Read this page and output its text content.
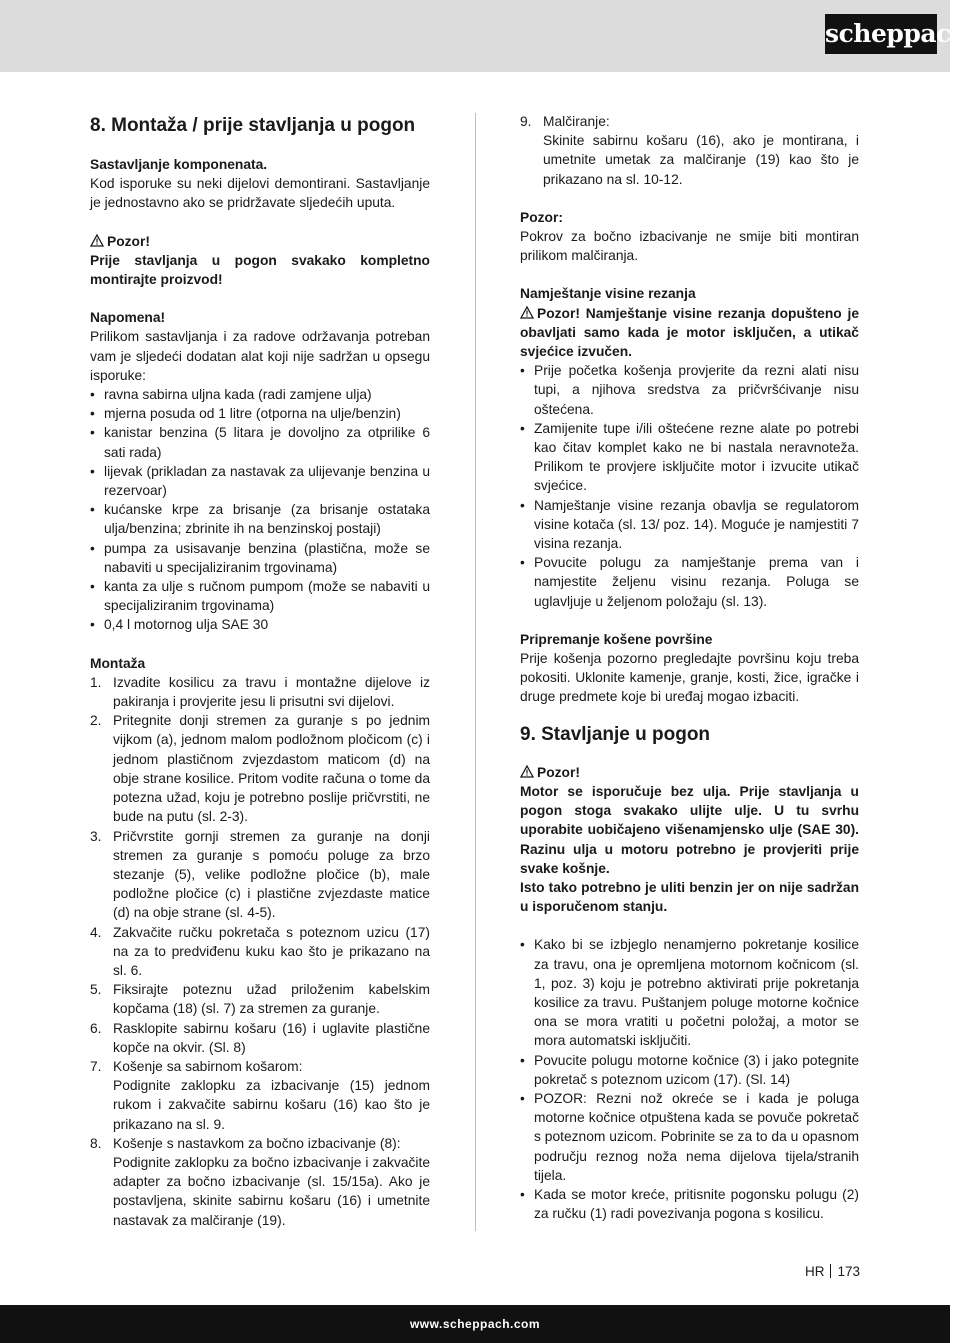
scheppach
8. Montaža / prije stavljanja u pogon

Sastavljanje komponenata.

Kod isporuke su neki dijelovi demontirani. Sastavljanje je jednostavno ako se pridržavate sljedećih uputa.

Pozor!

Prije stavljanja u pogon svakako kompletno montirajte proizvod!

Napomena!

Prilikom sastavljanja i za radove održavanja potreban vam je sljedeći dodatan alat koji nije sadržan u opsegu isporuke:

• ravna sabirna uljna kada (radi zamjene ulja)
• mjerna posuda od 1 litre (otporna na ulje/benzin)
• kanistar benzina (5 litara je dovoljno za otprilike 6 sati rada)
• lijevak (prikladan za nastavak za ulijevanje benzina u rezervoar)
• kućanske krpe za brisanje (za brisanje ostataka ulja/benzina; zbrinite ih na benzinskoj postaji)
• pumpa za usisavanje benzina (plastična, može se nabaviti u specijaliziranim trgovinama)
• kanta za ulje s ručnom pumpom (može se nabaviti u specijaliziranim trgovinama)
• 0,4 l motornog ulja SAE 30

Montaža

1. Izvadite kosilicu za travu i montažne dijelove iz pakiranja i provjerite jesu li prisutni svi dijelovi.
2. Pritegnite donji stremen za guranje s po jednim vijkom (a), jednom malom podložnom pločicom (c) i jednom plastičnom zvjezdastom maticom (d) na obje strane kosilice. Pritom vodite računa o tome da potezna užad, koju je potrebno poslije pričvrstiti, ne bude na putu (sl. 2-3).
3. Pričvrstite gornji stremen za guranje na donji stremen za guranje s pomoću poluge za brzo stezanje (5), velike podložne pločice (b), male podložne pločice (c) i plastične zvjezdaste matice (d) na obje strane (sl. 4-5).
4. Zakvačite ručku pokretača s poteznom uzicu (17) na za to predviđenu kuku kao što je prikazano na sl. 6.
5. Fiksirajte poteznu užad priloženim kabelskim kopčama (18) (sl. 7) za stremen za guranje.
6. Rasklopite sabirnu košaru (16) i uglavite plastične kopče na okvir. (Sl. 8)
7. Košenje sa sabirnom košarom:
Podignite zaklopku za izbacivanje (15) jednom rukom i zakvačite sabirnu košaru (16) kao što je prikazano na sl. 9.
8. Košenje s nastavkom za bočno izbacivanje (8):
Podignite zaklopku za bočno izbacivanje i zakvačite adapter za bočno izbacivanje (sl. 15/15a). Ako je postavljena, skinite sabirnu košaru (16) i umetnite nastavak za malčiranje (19).
9. Malčiranje:
Skinite sabirnu košaru (16), ako je montirana, i umetnite umetak za malčiranje (19) kao što je prikazano na sl. 10-12.

Pozor:

Pokrov za bočno izbacivanje ne smije biti montiran prilikom malčiranja.

Namještanje visine rezanja

Pozor! Namještanje visine rezanja dopušteno je obavljati samo kada je motor isključen, a utikač svjećice izvučen.

• Prije početka košenja provjerite da rezni alati nisu tupi, a njihova sredstva za pričvršćivanje nisu oštećena.
• Zamijenite tupe i/ili oštećene rezne alate po potrebi kao čitav komplet kako ne bi nastala neravnoteža. Prilikom te provjere isključite motor i izvucite utikač svjećice.
• Namještanje visine rezanja obavlja se regulatorom visine kotača (sl. 13/ poz. 14). Moguće je namjestiti 7 visina rezanja.
• Povucite polugu za namještanje prema van i namjestite željenu visinu rezanja. Poluga se uglavljuje u željenom položaju (sl. 13).

Pripremanje košene površine

Prije košenja pozorno pregledajte površinu koju treba pokositi. Uklonite kamenje, granje, kosti, žice, igračke i druge predmete koje bi uređaj mogao izbaciti.

9. Stavljanje u pogon

Pozor!

Motor se isporučuje bez ulja. Prije stavljanja u pogon stoga svakako ulijte ulje. U tu svrhu uporabite uobičajeno višenamjensko ulje (SAE 30). Razinu ulja u motoru potrebno je provjeriti prije svake košnje.

Isto tako potrebno je uliti benzin jer on nije sadržan u isporučenom stanju.

• Kako bi se izbjeglo nenamjerno pokretanje kosilice za travu, ona je opremljena motornom kočnicom (sl. 1, poz. 3) koju je potrebno aktivirati prije pokretanja kosilice za travu. Puštanjem poluge motorne kočnice ona se mora vratiti u početni položaj, a motor se mora automatski isključiti.
• Povucite polugu motorne kočnice (3) i jako potegnite pokretač s poteznom uzicom (17). (Sl. 14)
• POZOR: Rezni nož okreće se i kada je poluga motorne kočnice otpuštena kada se povuče pokretač s poteznom uzicom. Pobrinite se za to da u opasnom području reznog noža nema dijelova tijela/stranih tijela.
• Kada se motor kreće, pritisnite pogonsku polugu (2) za ručku (1) radi povezivanja pogona s kosilicu.
HR 173
www.scheppach.com
